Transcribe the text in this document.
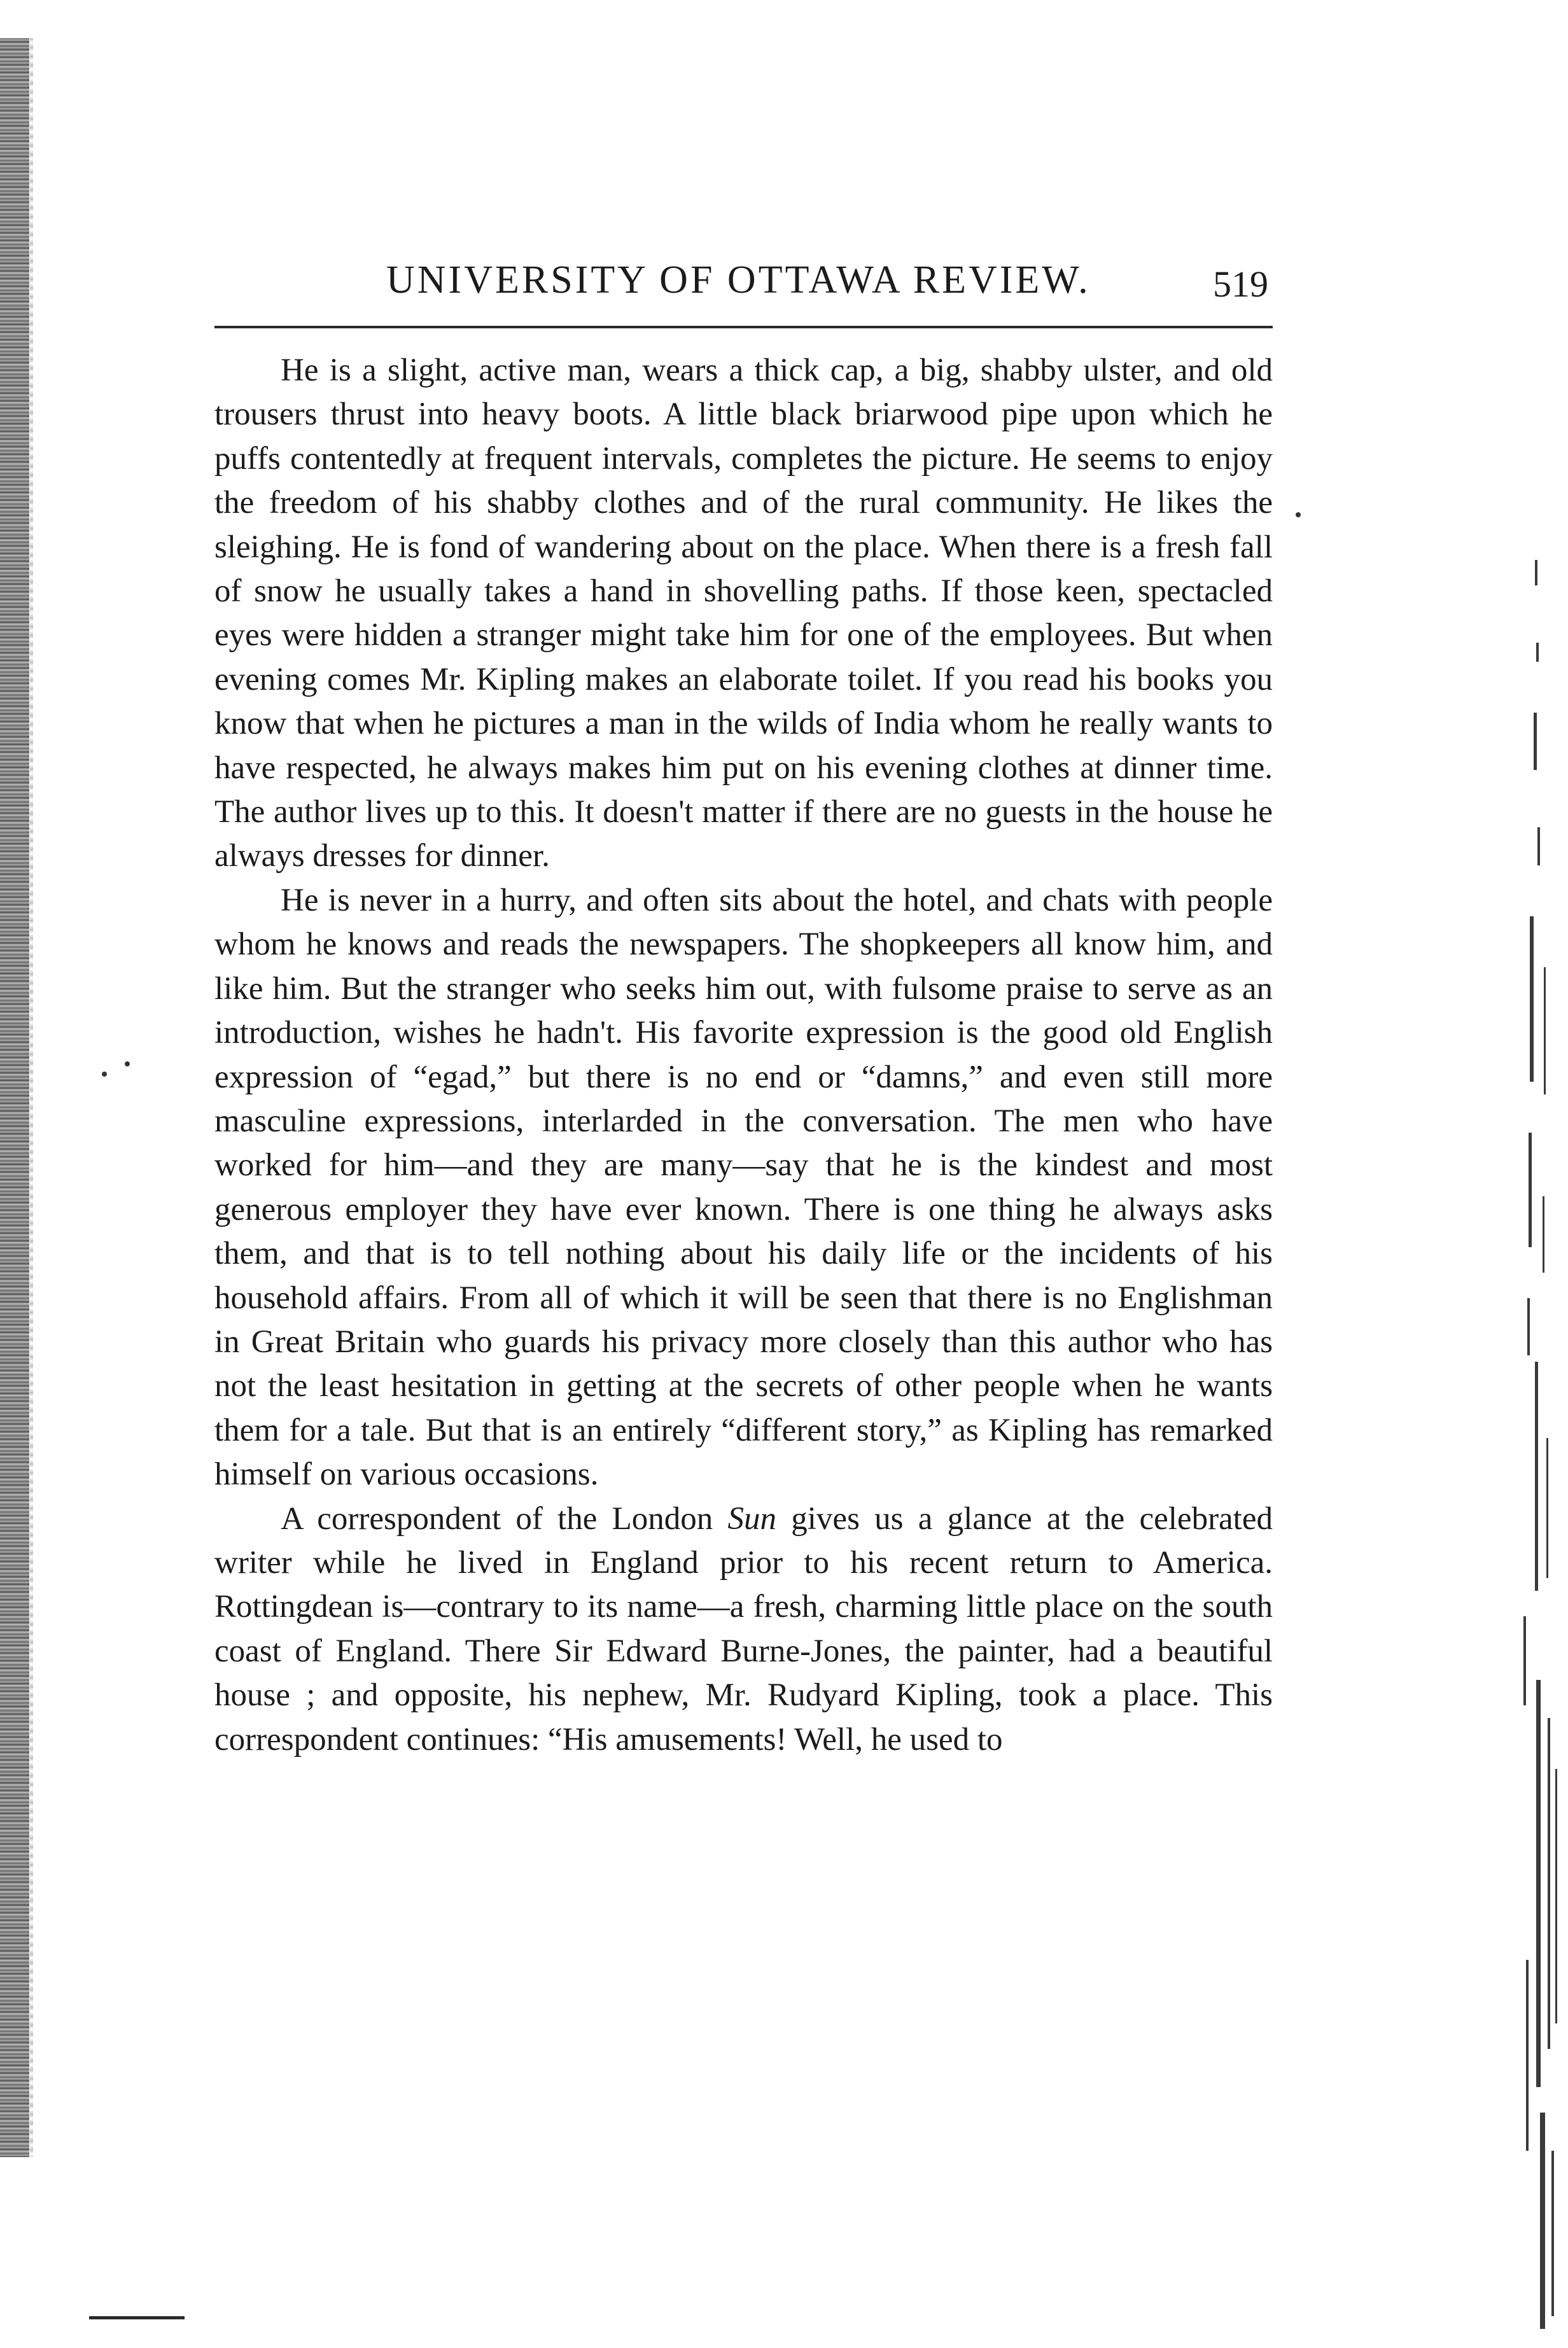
UNIVERSITY OF OTTAWA REVIEW.	519

He is a slight, active man, wears a thick cap, a big, shabby ulster, and old trousers thrust into heavy boots. A little black briarwood pipe upon which he puffs contentedly at frequent intervals, completes the picture. He seems to enjoy the freedom of his shabby clothes and of the rural community. He likes the sleighing. He is fond of wandering about on the place. When there is a fresh fall of snow he usually takes a hand in shovelling paths. If those keen, spectacled eyes were hidden a stranger might take him for one of the employees. But when evening comes Mr. Kipling makes an elaborate toilet. If you read his books you know that when he pictures a man in the wilds of India whom he really wants to have respected, he always makes him put on his evening clothes at dinner time. The author lives up to this. It doesn't matter if there are no guests in the house he always dresses for dinner.

He is never in a hurry, and often sits about the hotel, and chats with people whom he knows and reads the newspapers. The shopkeepers all know him, and like him. But the stranger who seeks him out, with fulsome praise to serve as an introduction, wishes he hadn't. His favorite expression is the good old English expression of “egad,” but there is no end or “damns,” and even still more masculine expressions, interlarded in the conversation. The men who have worked for him—and they are many—say that he is the kindest and most generous employer they have ever known. There is one thing he always asks them, and that is to tell nothing about his daily life or the incidents of his household affairs. From all of which it will be seen that there is no Englishman in Great Britain who guards his privacy more closely than this author who has not the least hesitation in getting at the secrets of other people when he wants them for a tale. But that is an entirely “different story,” as Kipling has remarked himself on various occasions.

A correspondent of the London Sun gives us a glance at the celebrated writer while he lived in England prior to his recent return to America. Rottingdean is—contrary to its name—a fresh, charming little place on the south coast of England. There Sir Edward Burne-Jones, the painter, had a beautiful house ; and opposite, his nephew, Mr. Rudyard Kipling, took a place. This correspondent continues: “His amusements! Well, he used to
